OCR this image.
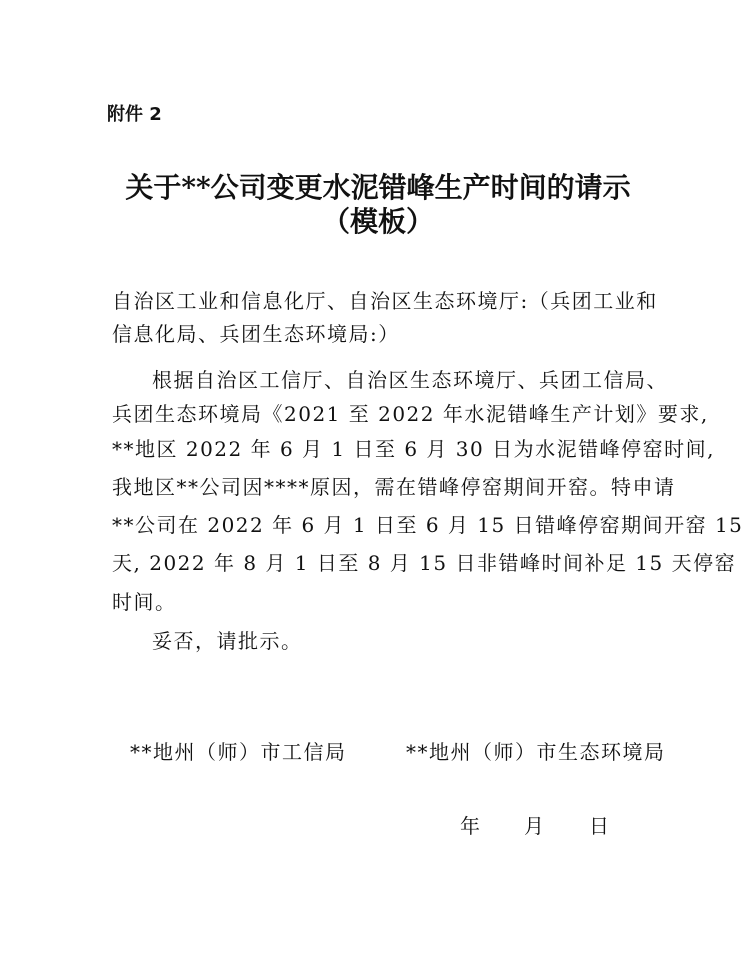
附件 2
关于**公司变更水泥错峰生产时间的请示
（模板）
自治区工业和信息化厅、自治区生态环境厅:（兵团工业和
信息化局、兵团生态环境局:）
根据自治区工信厅、自治区生态环境厅、兵团工信局、
兵团生态环境局《2021 至 2022 年水泥错峰生产计划》要求,
**地区 2022 年 6 月 1 日至 6 月 30 日为水泥错峰停窑时间,
我地区**公司因****原因，需在错峰停窑期间开窑。特申请
**公司在 2022 年 6 月 1 日至 6 月 15 日错峰停窑期间开窑 15
天, 2022 年 8 月 1 日至 8 月 15 日非错峰时间补足 15 天停窑
时间。
妥否，请批示。
**地州（师）市工信局	**地州（师）市生态环境局
年 月 日
